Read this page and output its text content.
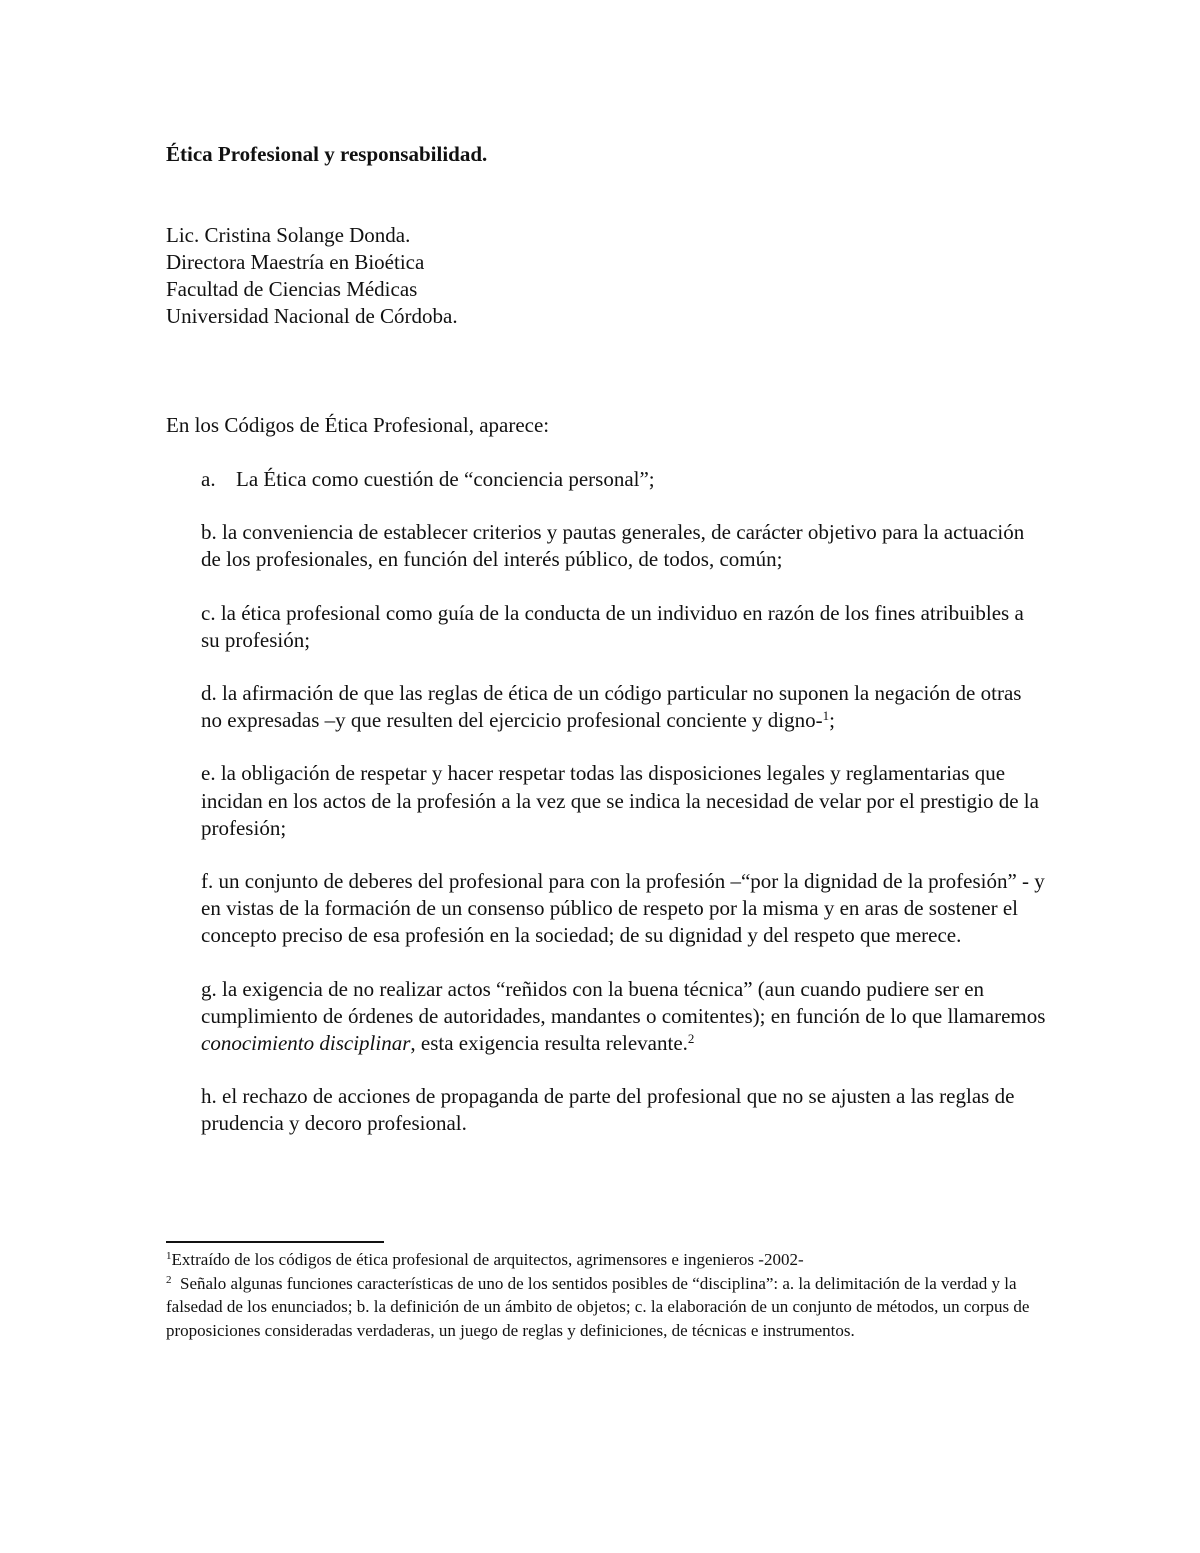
Ética Profesional y responsabilidad.
Lic. Cristina Solange Donda.
Directora Maestría en Bioética
Facultad de Ciencias Médicas
Universidad Nacional de Córdoba.
En los Códigos de Ética Profesional, aparece:
a. La Ética como cuestión de “conciencia personal”;
b. la conveniencia de establecer criterios y pautas generales, de carácter objetivo para la actuación de los profesionales, en función del interés público, de todos, común;
c. la ética profesional como guía de la conducta de un individuo en razón de los fines atribuibles a su profesión;
d. la afirmación de que las reglas de ética de un código particular no suponen la negación de otras no expresadas –y que resulten del ejercicio profesional conciente y digno-$^1$;
e. la obligación de respetar y hacer respetar todas las disposiciones legales y reglamentarias que incidan en los actos de la profesión a la vez que se indica la necesidad de velar por el prestigio de la profesión;
f. un conjunto de deberes del profesional para con la profesión –“por la dignidad de la profesión” - y en vistas de la formación de un consenso público de respeto por la misma y en aras de sostener el concepto preciso de esa profesión en la sociedad; de su dignidad y del respeto que merece.
g. la exigencia de no realizar actos “reñidos con la buena técnica” (aun cuando pudiere ser en cumplimiento de órdenes de autoridades, mandantes o comitentes); en función de lo que llamaremos conocimiento disciplinar, esta exigencia resulta relevante.$^2$
h. el rechazo de acciones de propaganda de parte del profesional que no se ajusten a las reglas de prudencia y decoro profesional.
$^1$Extraído de los códigos de ética profesional de arquitectos, agrimensores e ingenieros -2002-
$^2$  Señalo algunas funciones características de uno de los sentidos posibles de “disciplina”: a. la delimitación de la verdad y la falsedad de los enunciados; b. la definición de un ámbito de objetos; c. la elaboración de un conjunto de métodos, un corpus de proposiciones consideradas verdaderas, un juego de reglas y definiciones, de técnicas e instrumentos.
